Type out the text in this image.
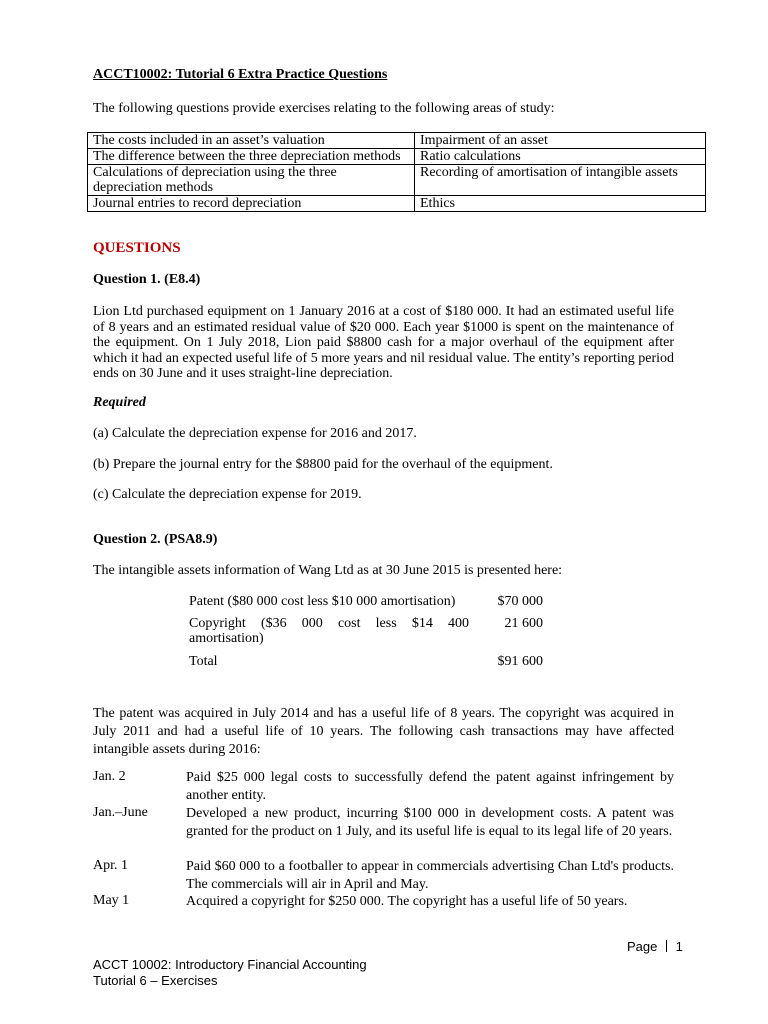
ACCT10002: Tutorial 6 Extra Practice Questions
The following questions provide exercises relating to the following areas of study:
The costs included in an asset’s valuation	Impairment of an asset
The difference between the three depreciation methods	Ratio calculations
Calculations of depreciation using the three depreciation methods	Recording of amortisation of intangible assets
Journal entries to record depreciation	Ethics
QUESTIONS
Question 1. (E8.4)
Lion Ltd purchased equipment on 1 January 2016 at a cost of $180 000. It had an estimated useful life of 8 years and an estimated residual value of $20 000. Each year $1000 is spent on the maintenance of the equipment. On 1 July 2018, Lion paid $8800 cash for a major overhaul of the equipment after which it had an expected useful life of 5 more years and nil residual value. The entity’s reporting period ends on 30 June and it uses straight-line depreciation.
Required
(a) Calculate the depreciation expense for 2016 and 2017.
(b) Prepare the journal entry for the $8800 paid for the overhaul of the equipment.
(c) Calculate the depreciation expense for 2019.
Question 2. (PSA8.9)
The intangible assets information of Wang Ltd as at 30 June 2015 is presented here:
Patent ($80 000 cost less $10 000 amortisation)	$70 000
Copyright ($36 000 cost less $14 400 amortisation)	21 600
Total	$91 600
The patent was acquired in July 2014 and has a useful life of 8 years. The copyright was acquired in July 2011 and had a useful life of 10 years. The following cash transactions may have affected intangible assets during 2016:
Jan. 2	Paid $25 000 legal costs to successfully defend the patent against infringement by another entity.
Jan.–June	Developed a new product, incurring $100 000 in development costs. A patent was granted for the product on 1 July, and its useful life is equal to its legal life of 20 years.
Apr. 1	Paid $60 000 to a footballer to appear in commercials advertising Chan Ltd's products. The commercials will air in April and May.
May 1	Acquired a copyright for $250 000. The copyright has a useful life of 50 years.
Page 1
ACCT 10002: Introductory Financial Accounting
Tutorial 6 – Exercises
